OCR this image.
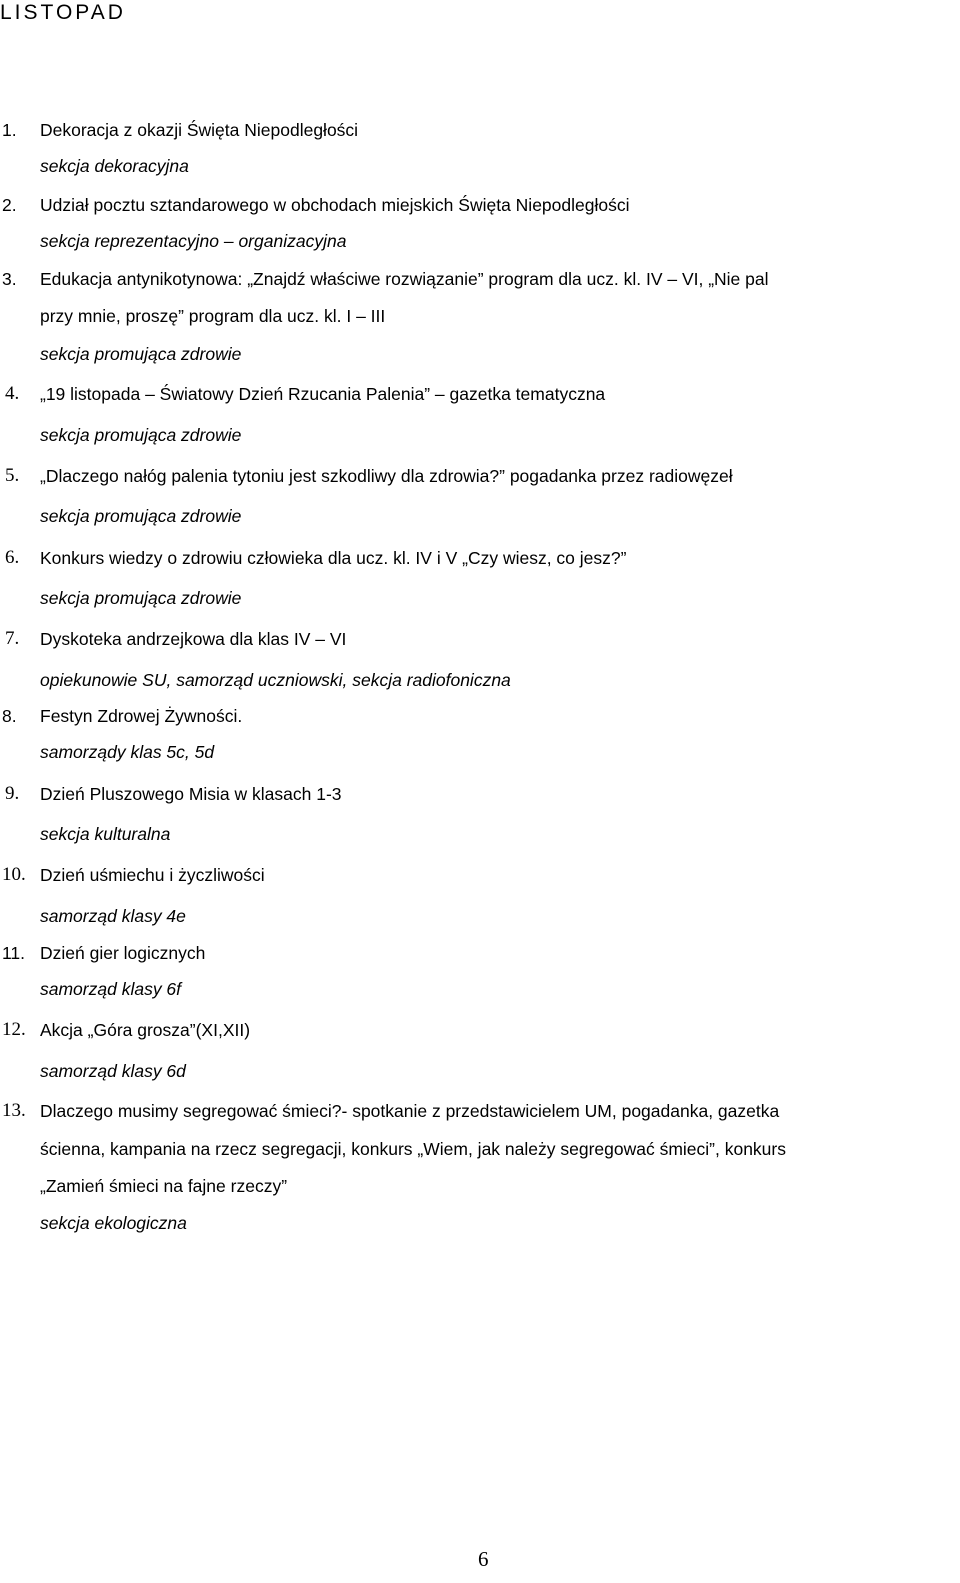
LISTOPAD
1. Dekoracja z okazji Święta Niepodległości
sekcja dekoracyjna
2. Udział pocztu sztandarowego w obchodach miejskich Święta Niepodległości
sekcja reprezentacyjno – organizacyjna
3. Edukacja antynikotynowa: „Znajdź właściwe rozwiązanie” program dla ucz. kl. IV – VI, „Nie pal
przy mnie, proszę” program dla ucz. kl. I – III
sekcja promująca zdrowie
4. „19 listopada – Światowy Dzień Rzucania Palenia” – gazetka tematyczna
sekcja promująca zdrowie
5. „Dlaczego nałóg palenia tytoniu jest szkodliwy dla zdrowia?” pogadanka przez radiowęzeł
sekcja promująca zdrowie
6. Konkurs wiedzy o zdrowiu człowieka dla ucz. kl. IV i V „Czy wiesz, co jesz?”
sekcja promująca zdrowie
7. Dyskoteka andrzejkowa dla klas IV – VI
opiekunowie SU, samorząd uczniowski, sekcja radiofoniczna
8. Festyn Zdrowej Żywności.
samorządy klas 5c, 5d
9. Dzień Pluszowego Misia w klasach 1-3
sekcja kulturalna
10. Dzień uśmiechu i życzliwości
samorząd klasy 4e
11. Dzień gier logicznych
samorząd klasy 6f
12. Akcja „Góra grosza”(XI,XII)
samorząd klasy 6d
13. Dlaczego musimy segregować śmieci?- spotkanie z przedstawicielem UM, pogadanka, gazetka
ścienna, kampania na rzecz segregacji, konkurs „Wiem, jak należy segregować śmieci”, konkurs
„Zamień śmieci na fajne rzeczy”
sekcja ekologiczna
6
